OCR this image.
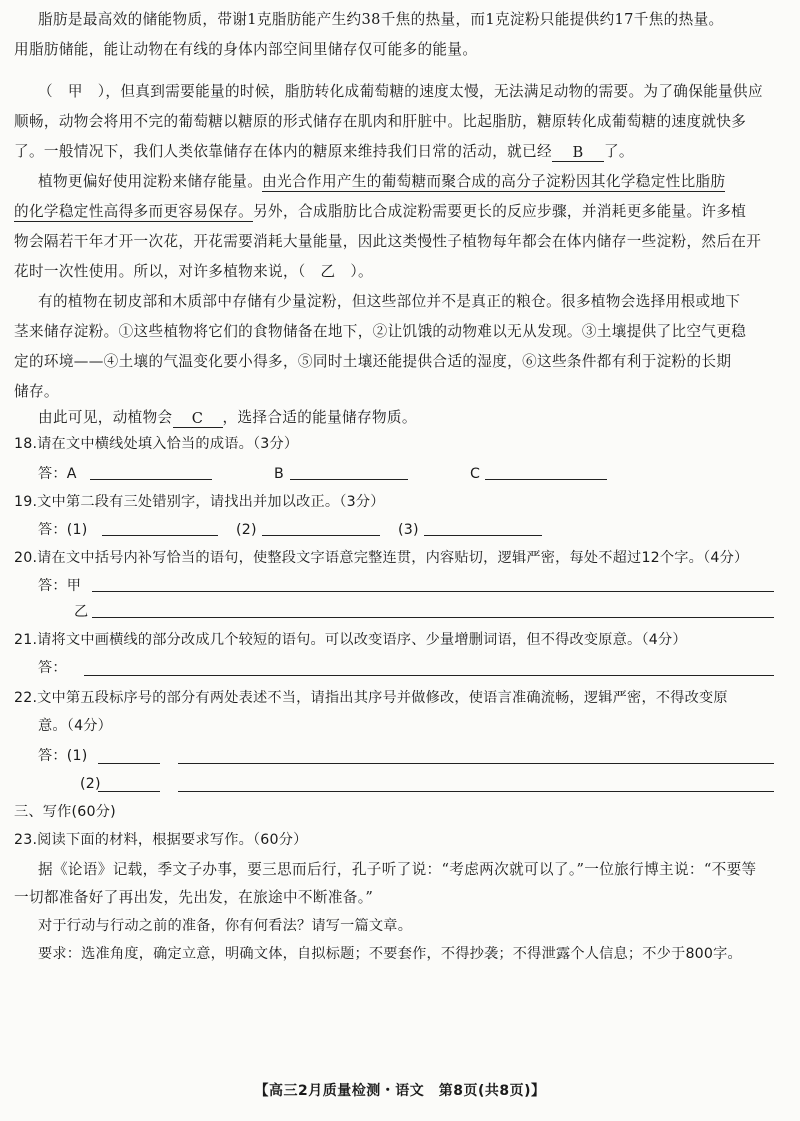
脂肪是最高效的储能物质，带谢1克脂肪能产生约38千焦的热量，而1克淀粉只能提供约17千焦的热量。
用脂肪储能，能让动物在有线的身体内部空间里储存仅可能多的能量。
（　甲　），但真到需要能量的时候，脂肪转化成葡萄糖的速度太慢，无法满足动物的需要。为了确保能量供应
顺畅，动物会将用不完的葡萄糖以糖原的形式储存在肌肉和肝脏中。比起脂肪，糖原转化成葡萄糖的速度就快多
了。一般情况下，我们人类依靠储存在体内的糖原来维持我们日常的活动，就已经 B 了。
植物更偏好使用淀粉来储存能量。由光合作用产生的葡萄糖而聚合成的高分子淀粉因其化学稳定性比脂肪
的化学稳定性高得多而更容易保存。另外，合成脂肪比合成淀粉需要更长的反应步骤，并消耗更多能量。许多植
物会隔若干年才开一次花，开花需要消耗大量能量，因此这类慢性子植物每年都会在体内储存一些淀粉，然后在开
花时一次性使用。所以，对许多植物来说，（　乙　）。
有的植物在韧皮部和木质部中存储有少量淀粉，但这些部位并不是真正的粮仓。很多植物会选择用根或地下
茎来储存淀粉。①这些植物将它们的食物储备在地下，②让饥饿的动物难以无从发现。③土壤提供了比空气更稳
定的环境——④土壤的气温变化要小得多，⑤同时土壤还能提供合适的湿度，⑥这些条件都有利于淀粉的长期
储存。
由此可见，动植物会 C ，选择合适的能量储存物质。
18.请在文中横线处填入恰当的成语。（3分）
答：A	B	C
19.文中第二段有三处错别字，请找出并加以改正。（3分）
答：(1)	(2)	(3)
20.请在文中括号内补写恰当的语句，使整段文字语意完整连贯，内容贴切，逻辑严密，每处不超过12个字。（4分）
答：甲
乙
21.请将文中画横线的部分改成几个较短的语句。可以改变语序、少量增删词语，但不得改变原意。（4分）
答：
22.文中第五段标序号的部分有两处表述不当，请指出其序号并做修改，使语言准确流畅，逻辑严密，不得改变原
意。（4分）
答：(1)
(2)
三、写作(60分)
23.阅读下面的材料，根据要求写作。（60分）
据《论语》记载，季文子办事，要三思而后行，孔子听了说：“考虑两次就可以了。”一位旅行博主说：“不要等
一切都准备好了再出发，先出发，在旅途中不断准备。”
对于行动与行动之前的准备，你有何看法？请写一篇文章。
要求：选准角度，确定立意，明确文体，自拟标题；不要套作，不得抄袭；不得泄露个人信息；不少于800字。
【高三2月质量检测・语文　第8页(共8页)】
